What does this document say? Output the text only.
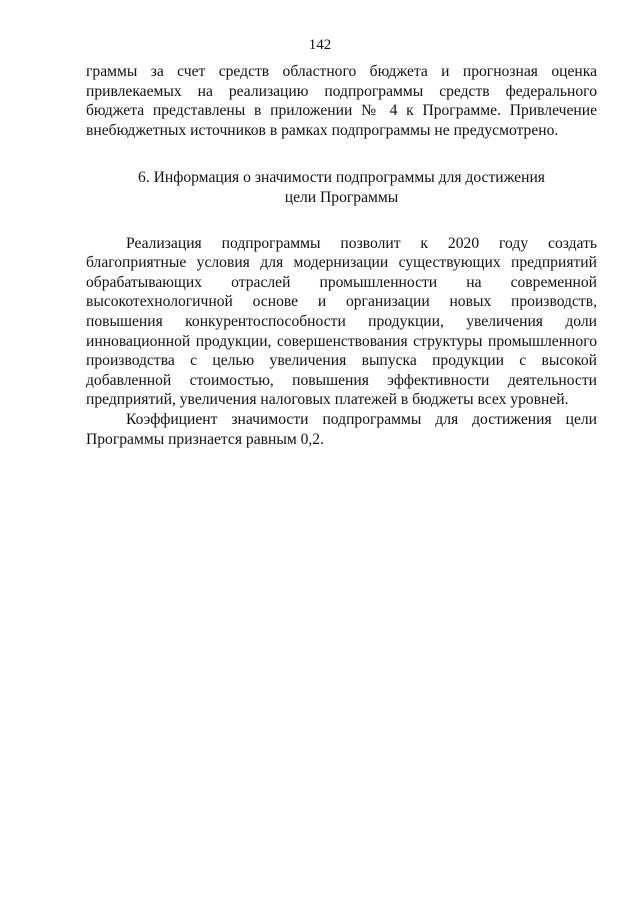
142

граммы за счет средств областного бюджета и прогнозная оценка привлекаемых на реализацию подпрограммы средств федерального бюджета представлены в приложении № 4 к Программе. Привлечение внебюджетных источников в рамках подпрограммы не предусмотрено.

6. Информация о значимости подпрограммы для достижения
цели Программы

Реализация подпрограммы позволит к 2020 году создать благоприятные условия для модернизации существующих предприятий обрабатывающих отраслей промышленности на современной высокотехнологичной основе и организации новых производств, повышения конкурентоспособности продукции, увеличения доли инновационной продукции, совершенствования структуры промышленного производства с целью увеличения выпуска продукции с высокой добавленной стоимостью, повышения эффективности деятельности предприятий, увеличения налоговых платежей в бюджеты всех уровней.

Коэффициент значимости подпрограммы для достижения цели Программы признается равным 0,2.
